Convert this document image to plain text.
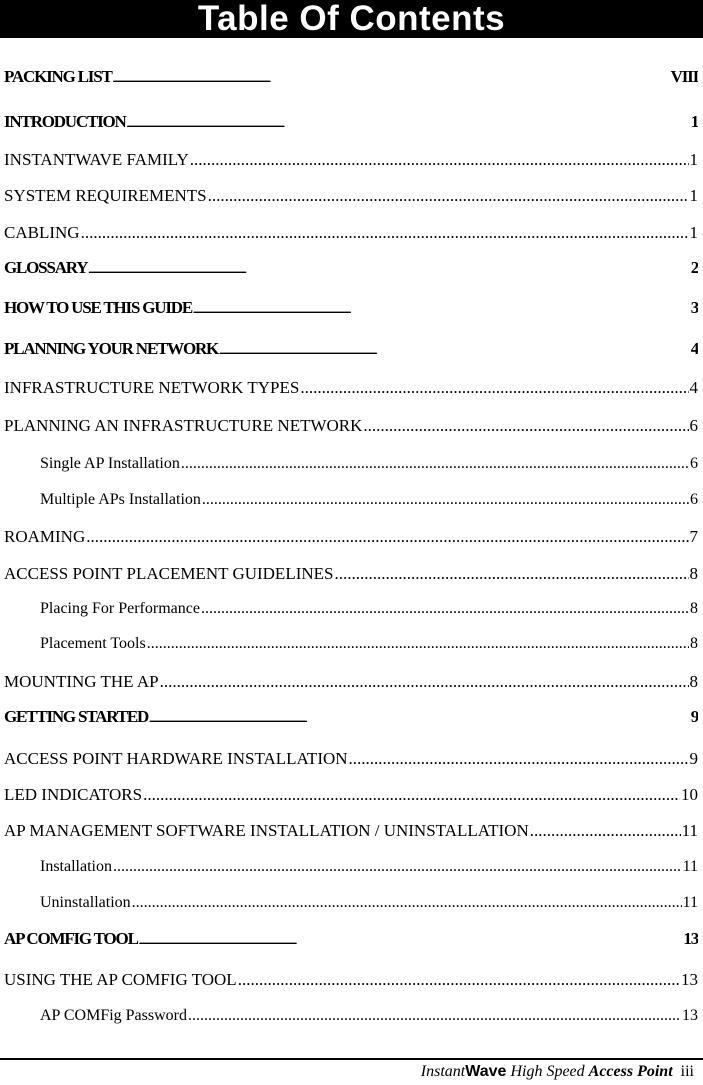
Table Of Contents
PACKING LIST .....	VIII
INTRODUCTION .....	1
INSTANTWAVE FAMILY .....	1
SYSTEM REQUIREMENTS .....	1
CABLING .....	1
GLOSSARY .....	2
HOW TO USE THIS GUIDE .....	3
PLANNING YOUR NETWORK .....	4
INFRASTRUCTURE NETWORK TYPES .....	4
PLANNING AN INFRASTRUCTURE NETWORK .....	6
Single AP Installation .....	6
Multiple APs Installation .....	6
ROAMING .....	7
ACCESS POINT PLACEMENT GUIDELINES .....	8
Placing For Performance .....	8
Placement Tools .....	8
MOUNTING THE AP .....	8
GETTING STARTED .....	9
ACCESS POINT HARDWARE INSTALLATION .....	9
LED INDICATORS .....	10
AP MANAGEMENT SOFTWARE INSTALLATION / UNINSTALLATION .....	11
Installation .....	11
Uninstallation .....	11
AP COMFIG TOOL .....	13
USING THE AP COMFIG TOOL .....	13
AP COMFig Password .....	13
InstantWave High Speed Access Point iii
